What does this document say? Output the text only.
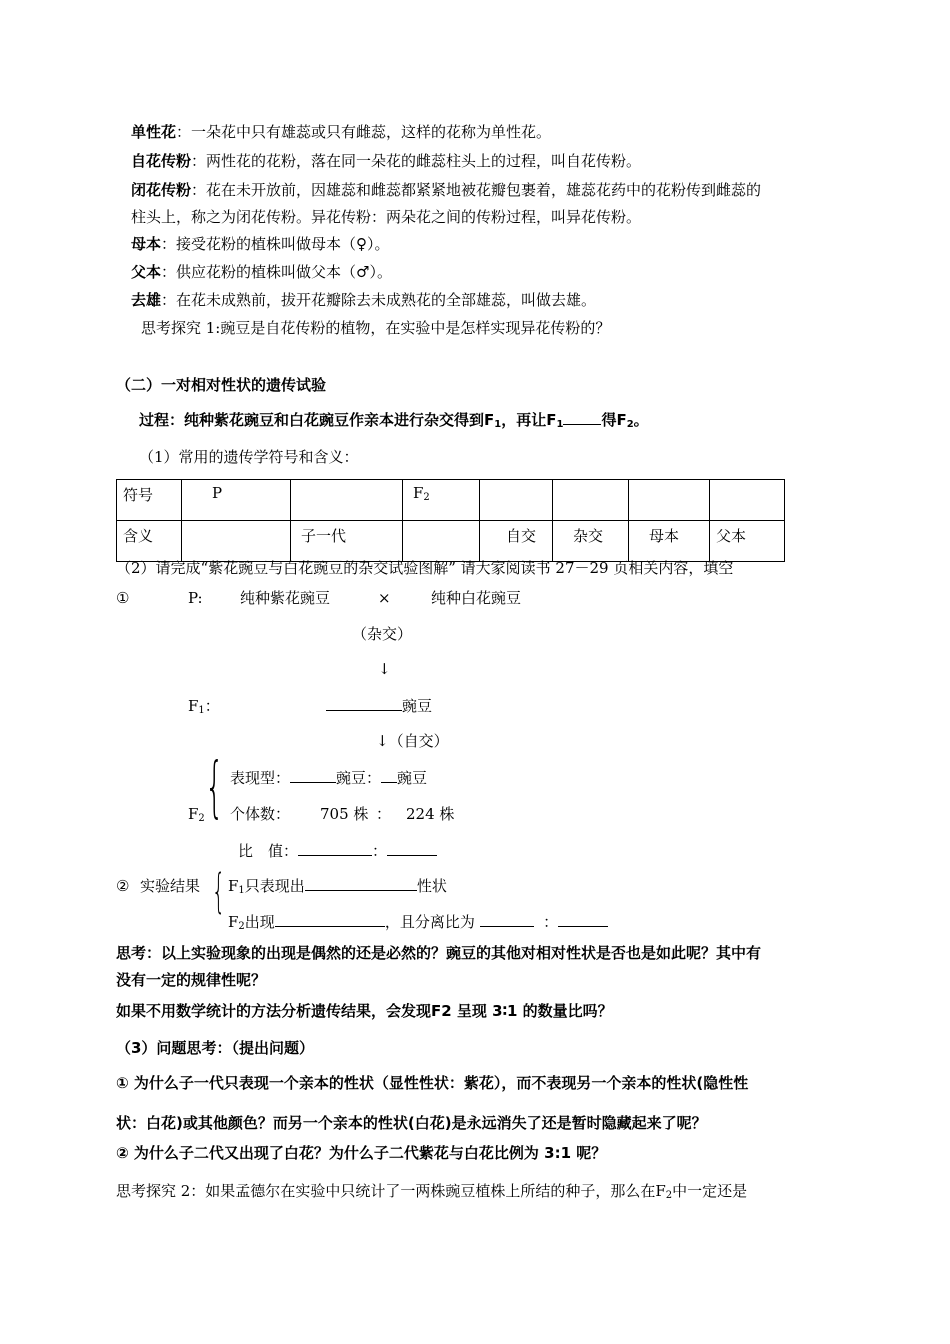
单性花：一朵花中只有雄蕊或只有雌蕊，这样的花称为单性花。
自花传粉：两性花的花粉，落在同一朵花的雌蕊柱头上的过程，叫自花传粉。
闭花传粉：花在未开放前，因雄蕊和雌蕊都紧紧地被花瓣包裹着，雄蕊花药中的花粉传到雌蕊的
柱头上，称之为闭花传粉。异花传粉：两朵花之间的传粉过程，叫异花传粉。
母本：接受花粉的植株叫做母本（♀）。
父本：供应花粉的植株叫做父本（♂）。
去雄：在花未成熟前，拔开花瓣除去未成熟花的全部雄蕊，叫做去雄。
思考探究 1:豌豆是自花传粉的植物，在实验中是怎样实现异花传粉的？
（二）一对相对性状的遗传试验
过程：纯种紫花豌豆和白花豌豆作亲本进行杂交得到$F_1$，再让$F_1$	得$F_2$。
（1）常用的遗传学符号和含义：
符号	P		$F_2$				
含义		子一代		自交	杂交	母本	父本
（2）请完成“紫花豌豆与白花豌豆的杂交试验图解” 请大家阅读书 27－29 页相关内容，填空
①	P: 纯种紫花豌豆	×	纯种白花豌豆
（杂交）
↓
$F_1$：	豌豆
↓（自交）
{
$F_2$
表现型：	豌豆： 豌豆
个体数： 705 株 ： 224 株
比　值：	：
② 实验结果 { $F_1$只表现出	性状
$F_2$出现	，且分离比为	：
思考：以上实验现象的出现是偶然的还是必然的？豌豆的其他对相对性状是否也是如此呢？其中有
没有一定的规律性呢？
如果不用数学统计的方法分析遗传结果，会发现F2 呈现 3∶1 的数量比吗？
（3）问题思考：（提出问题）
① 为什么子一代只表现一个亲本的性状（显性性状：紫花），而不表现另一个亲本的性状(隐性性
状：白花)或其他颜色？而另一个亲本的性状(白花)是永远消失了还是暂时隐藏起来了呢？
② 为什么子二代又出现了白花？为什么子二代紫花与白花比例为 3:1 呢？
思考探究 2：如果孟德尔在实验中只统计了一两株豌豆植株上所结的种子，那么在$F_2$中一定还是
